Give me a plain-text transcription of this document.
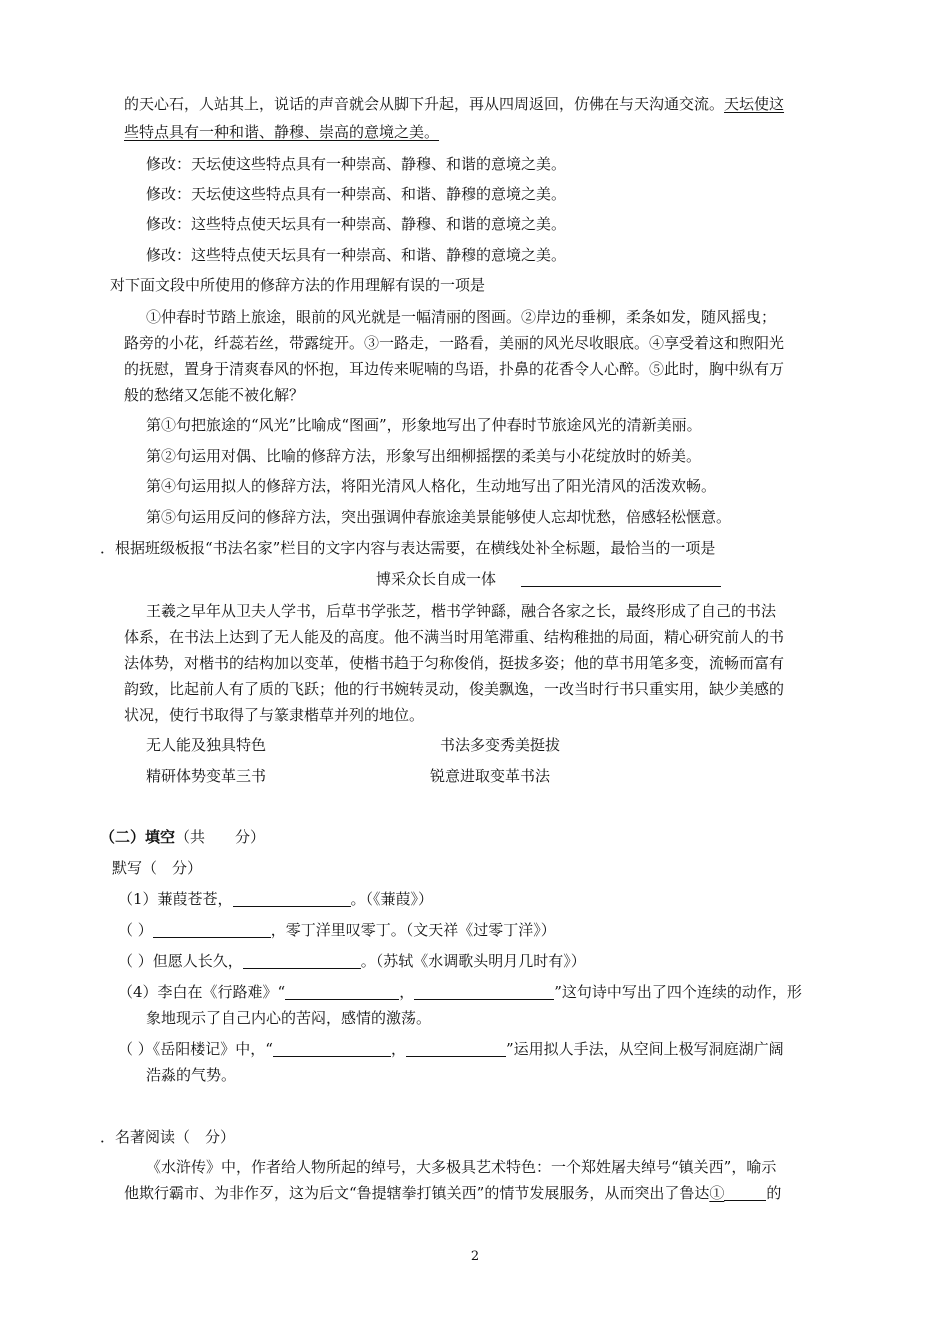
的天心石，人站其上，说话的声音就会从脚下升起，再从四周返回，仿佛在与天沟通交流。天坛使这
些特点具有一种和谐、静穆、崇高的意境之美。
修改：天坛使这些特点具有一种崇高、静穆、和谐的意境之美。
修改：天坛使这些特点具有一种崇高、和谐、静穆的意境之美。
修改：这些特点使天坛具有一种崇高、静穆、和谐的意境之美。
修改：这些特点使天坛具有一种崇高、和谐、静穆的意境之美。
对下面文段中所使用的修辞方法的作用理解有误的一项是
①仲春时节踏上旅途，眼前的风光就是一幅清丽的图画。②岸边的垂柳，柔条如发，随风摇曳；
路旁的小花，纤蕊若丝，带露绽开。③一路走，一路看，美丽的风光尽收眼底。④享受着这和煦阳光
的抚慰，置身于清爽春风的怀抱，耳边传来呢喃的鸟语，扑鼻的花香令人心醉。⑤此时，胸中纵有万
般的愁绪又怎能不被化解？
第①句把旅途的“风光”比喻成“图画”，形象地写出了仲春时节旅途风光的清新美丽。
第②句运用对偶、比喻的修辞方法，形象写出细柳摇摆的柔美与小花绽放时的娇美。
第④句运用拟人的修辞方法，将阳光清风人格化，生动地写出了阳光清风的活泼欢畅。
第⑤句运用反问的修辞方法，突出强调仲春旅途美景能够使人忘却忧愁，倍感轻松惬意。
．根据班级板报“书法名家”栏目的文字内容与表达需要，在横线处补全标题，最恰当的一项是
博采众长自成一体
王羲之早年从卫夫人学书，后草书学张芝，楷书学钟繇，融合各家之长，最终形成了自己的书法
体系，在书法上达到了无人能及的高度。他不满当时用笔滞重、结构稚拙的局面，精心研究前人的书
法体势，对楷书的结构加以变革，使楷书趋于匀称俊俏，挺拔多姿；他的草书用笔多变，流畅而富有
韵致，比起前人有了质的飞跃；他的行书婉转灵动，俊美飘逸，一改当时行书只重实用，缺少美感的
状况，使行书取得了与篆隶楷草并列的地位。
无人能及独具特色	书法多变秀美挺拔
精研体势变革三书	锐意进取变革书法
（二）填空（共　　分）
默写（　分）
（1）蒹葭苍苍，	。（《蒹葭》）
（ ）	，零丁洋里叹零丁。（文天祥《过零丁洋》）
（ ）但愿人长久，	。（苏轼《水调歌头明月几时有》）
（4）李白在《行路难》“	，	”这句诗中写出了四个连续的动作，形
象地现示了自己内心的苦闷，感情的激荡。
（ ）《岳阳楼记》中，“	，	”运用拟人手法，从空间上极写洞庭湖广阔
浩淼的气势。
．名著阅读（　分）
《水浒传》中，作者给人物所起的绰号，大多极具艺术特色：一个郑姓屠夫绰号“镇关西”，喻示
他欺行霸市、为非作歹，这为后文“鲁提辖拳打镇关西”的情节发展服务，从而突出了鲁达①	的
2
